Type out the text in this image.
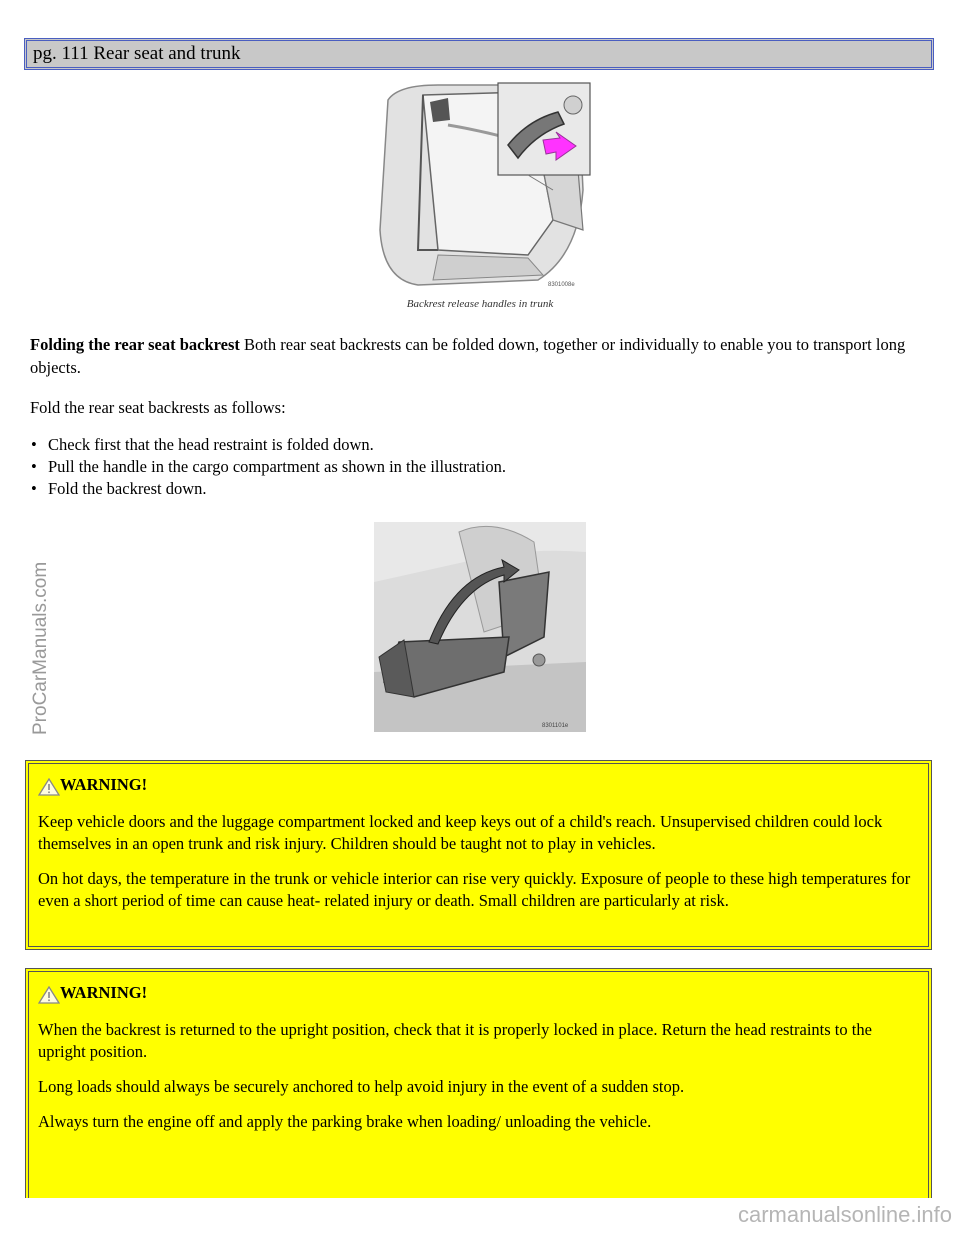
pg. 111 Rear seat and trunk
8301008e
Backrest release handles in trunk
Folding the rear seat backrest Both rear seat backrests can be folded down, together or individually to enable you to transport long objects.
Fold the rear seat backrests as follows:
• Check first that the head restraint is folded down.
• Pull the handle in the cargo compartment as shown in the illustration.
• Fold the backrest down.
8301101e
WARNING!

Keep vehicle doors and the luggage compartment locked and keep keys out of a child's reach. Unsupervised children could lock themselves in an open trunk and risk injury. Children should be taught not to play in vehicles.

On hot days, the temperature in the trunk or vehicle interior can rise very quickly. Exposure of people to these high temperatures for even a short period of time can cause heat- related injury or death. Small children are particularly at risk.

WARNING!

When the backrest is returned to the upright position, check that it is properly locked in place. Return the head restraints to the upright position.

Long loads should always be securely anchored to help avoid injury in the event of a sudden stop.

Always turn the engine off and apply the parking brake when loading/ unloading the vehicle.

ProCarManuals.com
carmanualsonline.info
